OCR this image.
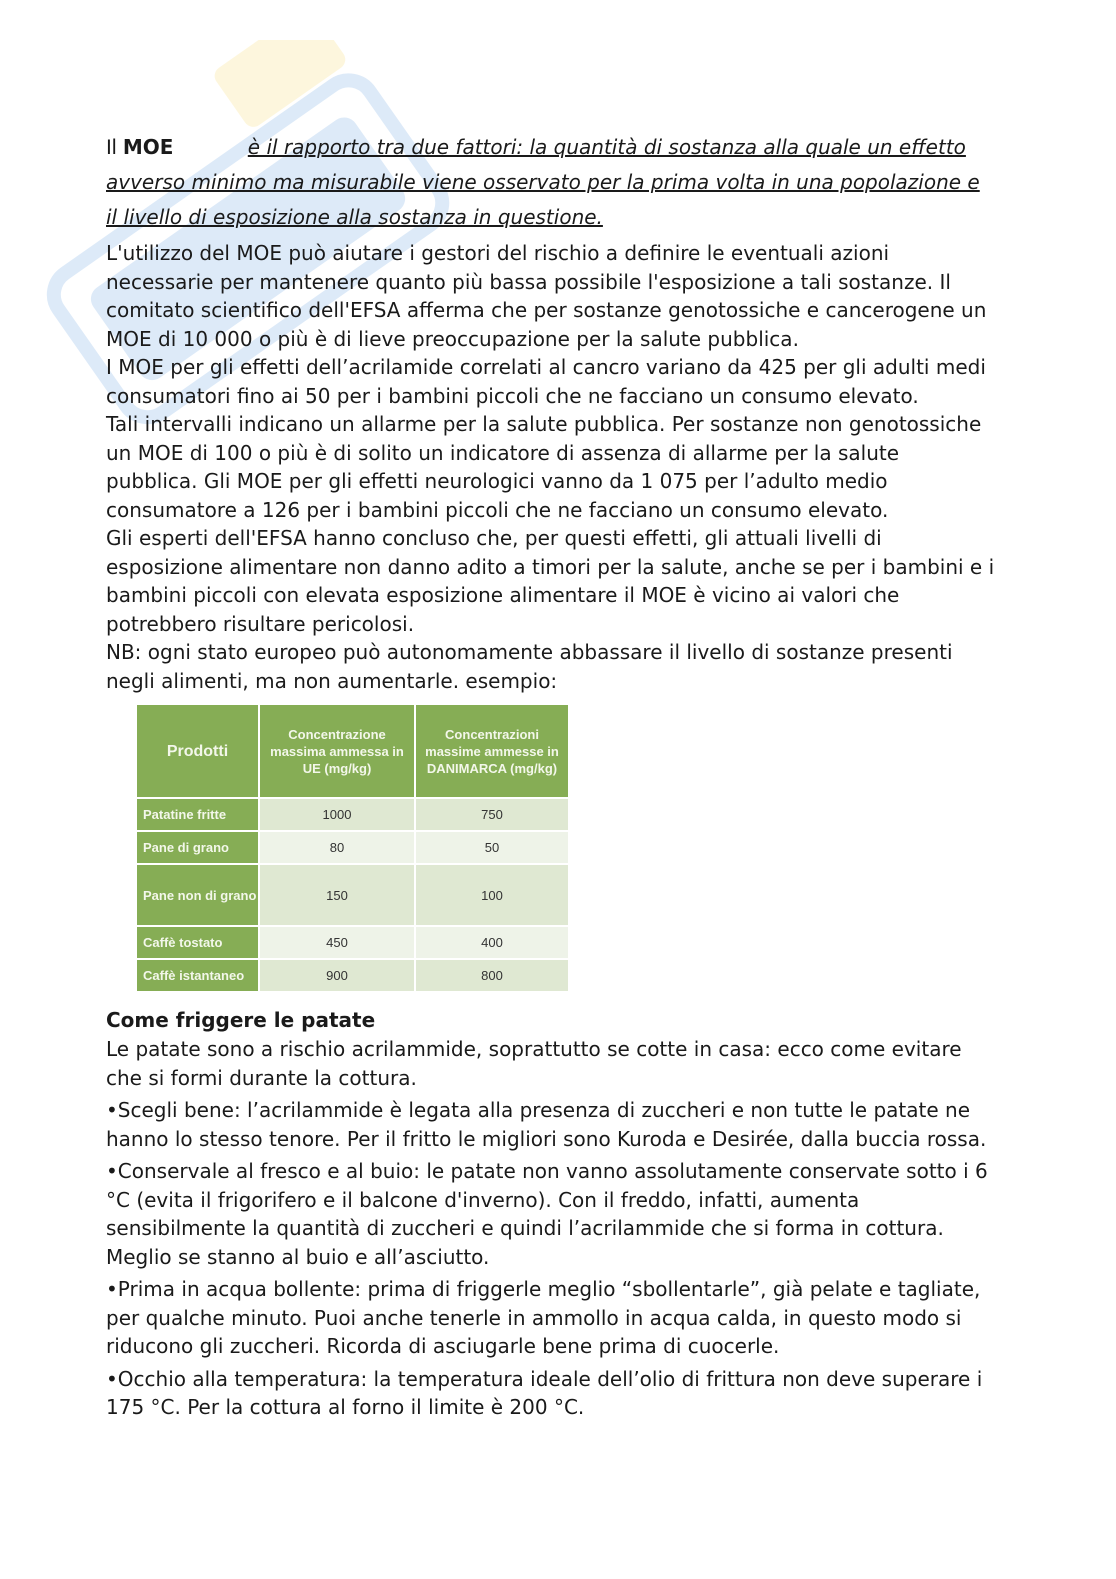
Il MOE	è il rapporto tra due fattori: la quantità di sostanza alla quale un effetto avverso minimo ma misurabile viene osservato per la prima volta in una popolazione e il livello di esposizione alla sostanza in questione.

L'utilizzo del MOE può aiutare i gestori del rischio a definire le eventuali azioni necessarie per mantenere quanto più bassa possibile l'esposizione a tali sostanze. Il comitato scientifico dell'EFSA afferma che per sostanze genotossiche e cancerogene un MOE di 10 000 o più è di lieve preoccupazione per la salute pubblica.

I MOE per gli effetti dell’acrilamide correlati al cancro variano da 425 per gli adulti medi consumatori fino ai 50 per i bambini piccoli che ne facciano un consumo elevato.

Tali intervalli indicano un allarme per la salute pubblica. Per sostanze non genotossiche un MOE di 100 o più è di solito un indicatore di assenza di allarme per la salute pubblica. Gli MOE per gli effetti neurologici vanno da 1 075 per l’adulto medio consumatore a 126 per i bambini piccoli che ne facciano un consumo elevato.

Gli esperti dell'EFSA hanno concluso che, per questi effetti, gli attuali livelli di esposizione alimentare non danno adito a timori per la salute, anche se per i bambini e i bambini piccoli con elevata esposizione alimentare il MOE è vicino ai valori che potrebbero risultare pericolosi.

NB: ogni stato europeo può autonomamente abbassare il livello di sostanze presenti negli alimenti, ma non aumentarle. esempio:

Prodotti	Concentrazione massima ammessa in UE (mg/kg)	Concentrazioni massime ammesse in DANIMARCA (mg/kg)
Patatine fritte	1000	750
Pane di grano	80	50
Pane non di grano	150	100
Caffè tostato	450	400
Caffè istantaneo	900	800
Come friggere le patate

Le patate sono a rischio acrilammide, soprattutto se cotte in casa: ecco come evitare che si formi durante la cottura.

•Scegli bene: l’acrilammide è legata alla presenza di zuccheri e non tutte le patate ne hanno lo stesso tenore. Per il fritto le migliori sono Kuroda e Desirée, dalla buccia rossa.

•Conservale al fresco e al buio: le patate non vanno assolutamente conservate sotto i 6 °C (evita il frigorifero e il balcone d'inverno). Con il freddo, infatti, aumenta sensibilmente la quantità di zuccheri e quindi l’acrilammide che si forma in cottura. Meglio se stanno al buio e all’asciutto.

•Prima in acqua bollente: prima di friggerle meglio “sbollentarle”, già pelate e tagliate, per qualche minuto. Puoi anche tenerle in ammollo in acqua calda, in questo modo si riducono gli zuccheri. Ricorda di asciugarle bene prima di cuocerle.

•Occhio alla temperatura: la temperatura ideale dell’olio di frittura non deve superare i 175 °C. Per la cottura al forno il limite è 200 °C.
